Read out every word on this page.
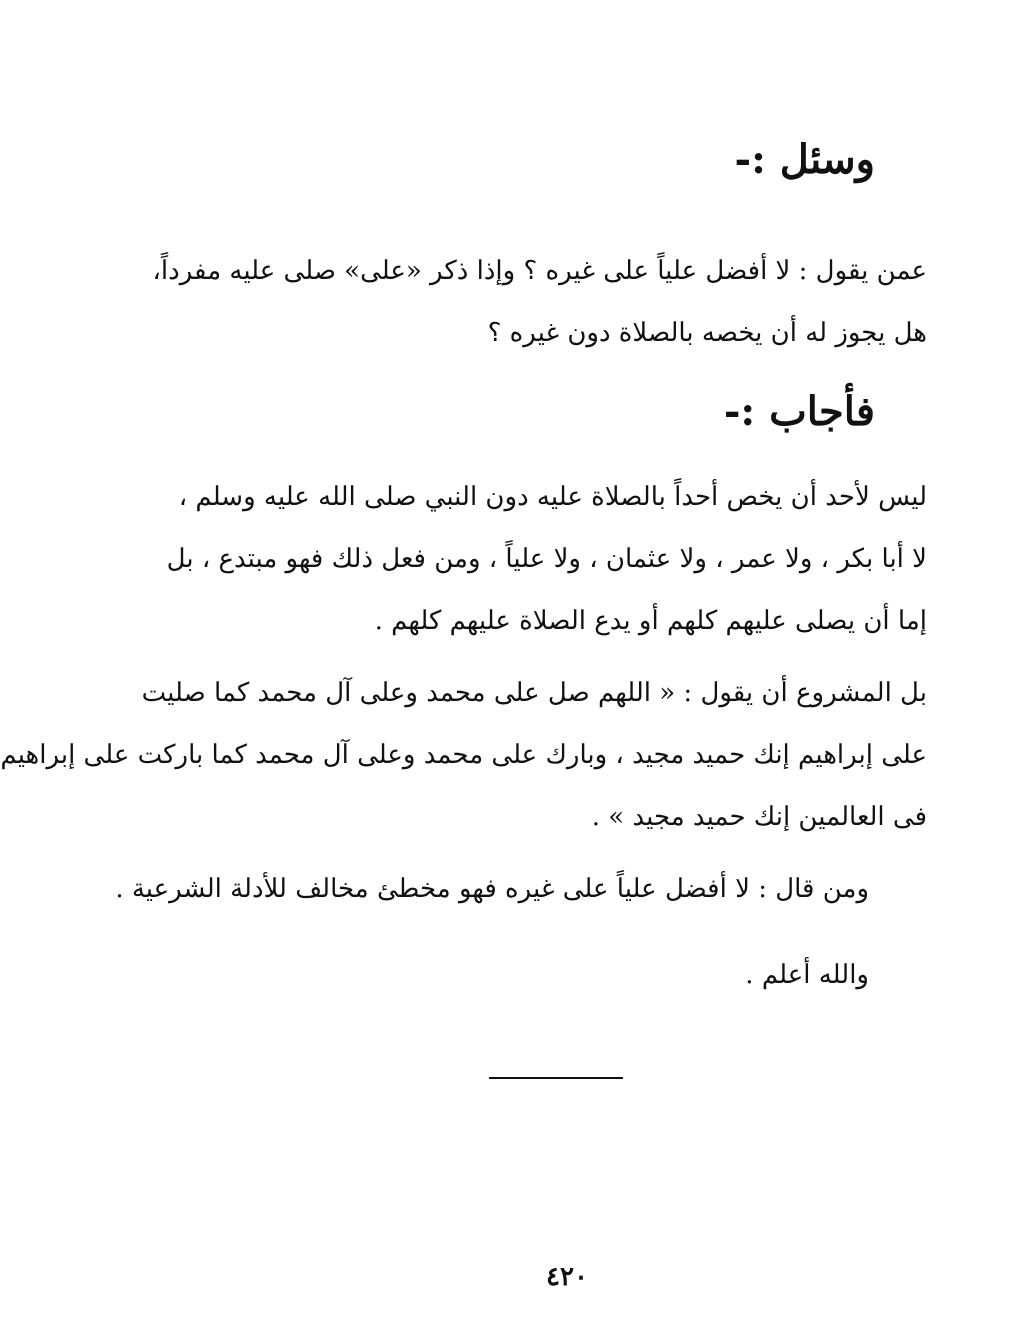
وسئل :-

عمن يقول : لا أفضل علياً على غيره ؟ وإذا ذكر «على» صلى عليه مفرداً،
هل يجوز له أن يخصه بالصلاة دون غيره ؟

فأجاب :-

ليس لأحد أن يخص أحداً بالصلاة عليه دون النبي صلى الله عليه وسلم ،
لا أبا بكر ، ولا عمر ، ولا عثمان ، ولا علياً ، ومن فعل ذلك فهو مبتدع ، بل
إما أن يصلى عليهم كلهم أو يدع الصلاة عليهم كلهم .

بل المشروع أن يقول : « اللهم صل على محمد وعلى آل محمد كما صليت
على إبراهيم إنك حميد مجيد ، وبارك على محمد وعلى آل محمد كما باركت على إبراهيم
فى العالمين إنك حميد مجيد » .

ومن قال : لا أفضل علياً على غيره فهو مخطئ مخالف للأدلة الشرعية .

والله أعلم .

٤٢٠
